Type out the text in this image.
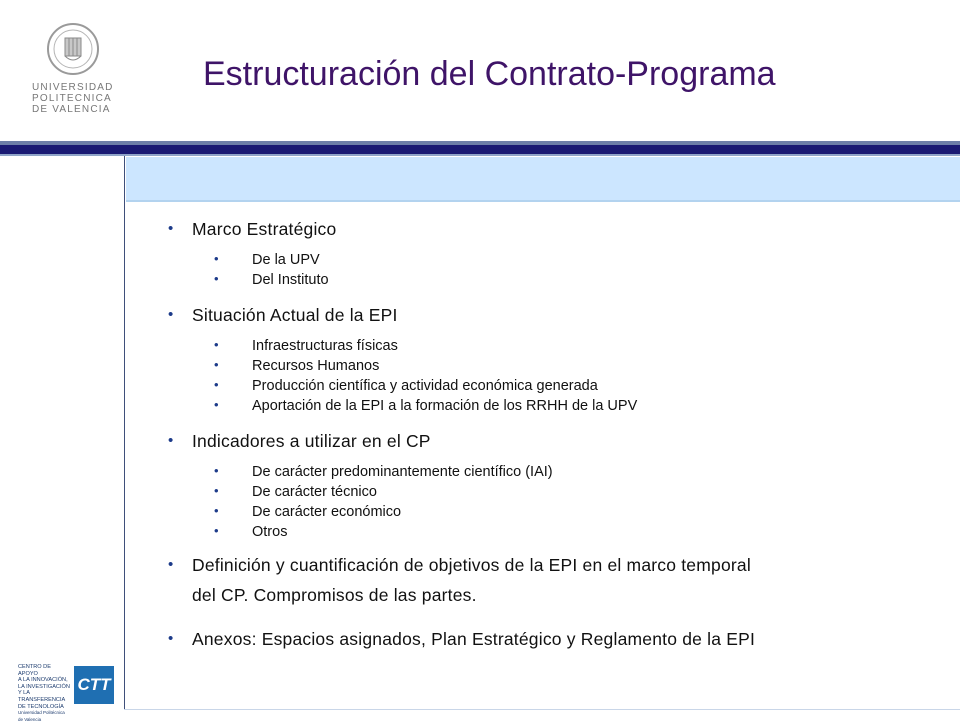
UNIVERSIDAD
POLITECNICA
DE VALENCIA
Estructuración del Contrato-Programa
• Marco Estratégico
• De la UPV
• Del Instituto
• Situación Actual de la EPI
• Infraestructuras físicas
• Recursos Humanos
• Producción científica y actividad económica generada
• Aportación de la EPI a la formación de los RRHH de la UPV
• Indicadores a utilizar en el CP
• De carácter predominantemente científico (IAI)
• De carácter técnico
• De carácter económico
• Otros
• Definición y cuantificación de objetivos de la EPI en el marco temporal
del CP. Compromisos de las partes.
• Anexos: Espacios asignados, Plan Estratégico y Reglamento de la EPI
CENTRO DE APOYO
A LA INNOVACIÓN,
LA INVESTIGACIÓN
Y LA TRANSFERENCIA
DE TECNOLOGÍA
Universidad Politécnica de Valencia
CTT
